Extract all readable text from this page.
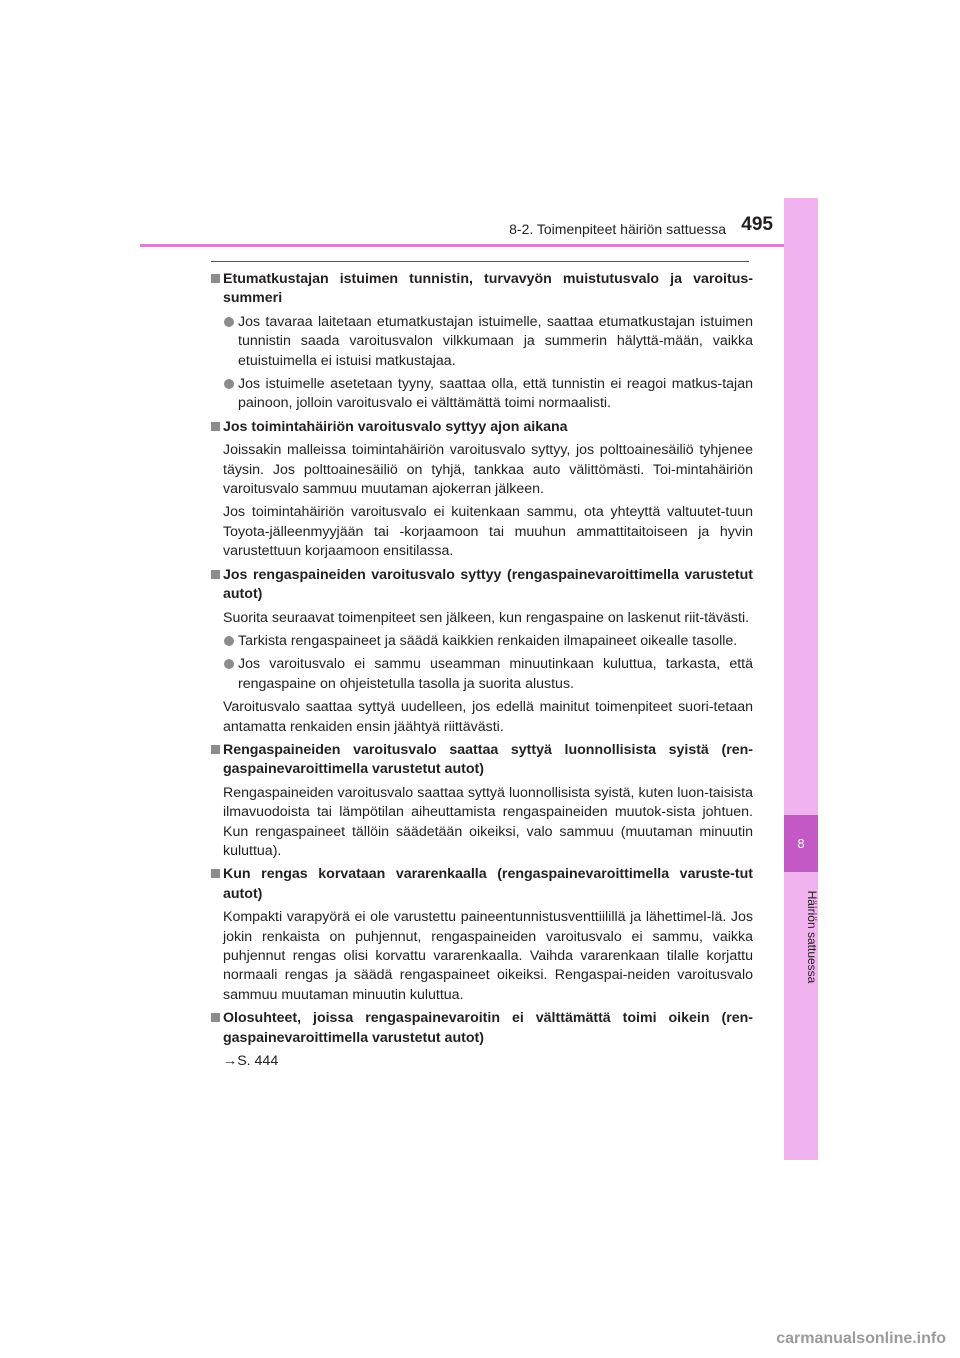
8-2. Toimenpiteet häiriön sattuessa 495
8
Häiriön sattuessa
Etumatkustajan istuimen tunnistin, turvavyön muistutusvalo ja varoitus-summeri
Jos tavaraa laitetaan etumatkustajan istuimelle, saattaa etumatkustajan istuimen tunnistin saada varoitusvalon vilkkumaan ja summerin hälyttä-mään, vaikka etuistuimella ei istuisi matkustajaa.
Jos istuimelle asetetaan tyyny, saattaa olla, että tunnistin ei reagoi matkus-tajan painoon, jolloin varoitusvalo ei välttämättä toimi normaalisti.
Jos toimintahäiriön varoitusvalo syttyy ajon aikana
Joissakin malleissa toimintahäiriön varoitusvalo syttyy, jos polttoainesäiliö tyhjenee täysin. Jos polttoainesäiliö on tyhjä, tankkaa auto välittömästi. Toi-mintahäiriön varoitusvalo sammuu muutaman ajokerran jälkeen.
Jos toimintahäiriön varoitusvalo ei kuitenkaan sammu, ota yhteyttä valtuutet-tuun Toyota-jälleenmyyjään tai -korjaamoon tai muuhun ammattitaitoiseen ja hyvin varustettuun korjaamoon ensitilassa.
Jos rengaspaineiden varoitusvalo syttyy (rengaspainevaroittimella varustetut autot)
Suorita seuraavat toimenpiteet sen jälkeen, kun rengaspaine on laskenut riit-tävästi.
Tarkista rengaspaineet ja säädä kaikkien renkaiden ilmapaineet oikealle tasolle.
Jos varoitusvalo ei sammu useamman minuutinkaan kuluttua, tarkasta, että rengaspaine on ohjeistetulla tasolla ja suorita alustus.
Varoitusvalo saattaa syttyä uudelleen, jos edellä mainitut toimenpiteet suori-tetaan antamatta renkaiden ensin jäähtyä riittävästi.
Rengaspaineiden varoitusvalo saattaa syttyä luonnollisista syistä (ren-gaspainevaroittimella varustetut autot)
Rengaspaineiden varoitusvalo saattaa syttyä luonnollisista syistä, kuten luon-taisista ilmavuodoista tai lämpötilan aiheuttamista rengaspaineiden muutok-sista johtuen. Kun rengaspaineet tällöin säädetään oikeiksi, valo sammuu (muutaman minuutin kuluttua).
Kun rengas korvataan vararenkaalla (rengaspainevaroittimella varuste-tut autot)
Kompakti varapyörä ei ole varustettu paineentunnistusventtiilillä ja lähettimel-lä. Jos jokin renkaista on puhjennut, rengaspaineiden varoitusvalo ei sammu, vaikka puhjennut rengas olisi korvattu vararenkaalla. Vaihda vararenkaan tilalle korjattu normaali rengas ja säädä rengaspaineet oikeiksi. Rengaspai-neiden varoitusvalo sammuu muutaman minuutin kuluttua.
Olosuhteet, joissa rengaspainevaroitin ei välttämättä toimi oikein (ren-gaspainevaroittimella varustetut autot)
→S. 444
carmanualsonline.info
